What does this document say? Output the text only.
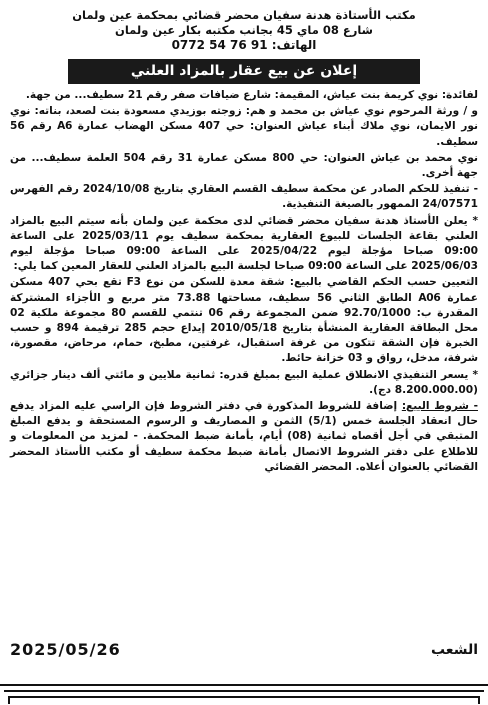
مكتب الأستاذة هدنة سفيان محضر قضائي بمحكمة عين ولمان
شارع 08 ماي 45 بجانب مكتبه بكار عين ولمان
الهاتف: 0772 54 76 91
إعلان عن بيع عقار بالمزاد العلني

لفائدة: نوي كريمة بنت عياش، المقيمة: شارع ضيافات صفر رقم 21 سطيف... من جهة.

و / ورثة المرحوم نوي عياش بن محمد و هم: زوجته بوزيدي مسعودة بنت لصعد، بناته: نوي نور الايمان، نوي ملاك أبناء عياش العنوان: حي 407 مسكن الهضاب عمارة A6 رقم 56 سطيف.

نوي محمد بن عياش العنوان: حي 800 مسكن عمارة 31 رقم 504 العلمة سطيف... من جهة أخرى.

- تنفيذ للحكم الصادر عن محكمة سطيف القسم العقاري بتاريخ 2024/10/08 رقم الفهرس 24/07571 الممهور بالصيغة التنفيذية.

* يعلن الأستاذ هدنة سفيان محضر قضائي لدى محكمة عين ولمان بأنه سيتم البيع بالمزاد العلني بقاعة الجلسات للبيوع العقارية بمحكمة سطيف يوم 2025/03/11 على الساعة 09:00 صباحا مؤجلة ليوم 2025/04/22 على الساعة 09:00 صباحا مؤجلة ليوم 2025/06/03 على الساعة 09:00 صباحا لجلسة البيع بالمزاد العلني للعقار المعين كما يلي:

التعيين حسب الحكم القاضي بالبيع: شقة معدة للسكن من نوع F3 تقع بحي 407 مسكن عمارة A06 الطابق الثاني 56 سطيف، مساحتها 73.88 متر مربع و الأجزاء المشتركة المقدرة ب: 92.70/1000 ضمن المجموعة رقم 06 تنتمي للقسم 80 مجموعة ملكية 02 محل البطاقة العقارية المنشأة بتاريخ 2010/05/18 إيداع حجم 285 ترقيمة 894 و حسب الخبرة فإن الشقة تتكون من غرفة استقبال، غرفتين، مطبخ، حمام، مرحاض، مقصورة، شرفة، مدخل، رواق و 03 خزانة حائط.

* يسعر التنفيذي الانطلاق عملية البيع بمبلغ قدره: ثمانية ملايين و مائتي ألف دينار جزائري (8.200.000.00 دج).

- شروط البيع: إضافة للشروط المذكورة في دفتر الشروط فإن الراسي عليه المزاد يدفع حال انعقاد الجلسة خمس (5/1) الثمن و المصاريف و الرسوم المستحقة و يدفع المبلغ المتبقي في أجل أقصاه ثمانية (08) أيام، بأمانة ضبط المحكمة. - لمزيد من المعلومات و للاطلاع على دفتر الشروط الاتصال بأمانة ضبط محكمة سطيف أو مكتب الأستاذ المحضر القضائي بالعنوان أعلاه. المحضر القضائي

الشعب
2025/05/26
